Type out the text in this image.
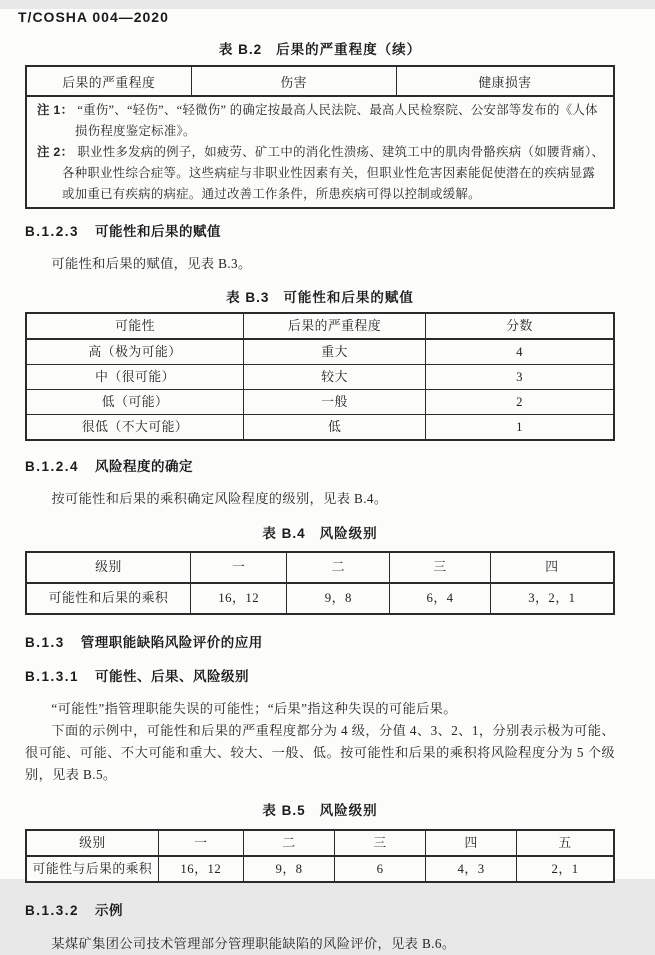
T/COSHA 004—2020
表 B.2 后果的严重程度（续）
后果的严重程度	伤害	健康损害

注 1： “重伤”、“轻伤”、“轻微伤” 的确定按最高人民法院、最高人民检察院、公安部等发布的《人体损伤程度鉴定标准》。
注 2： 职业性多发病的例子，如疲劳、矿工中的消化性溃疡、建筑工中的肌肉骨骼疾病（如腰背痛）、各种职业性综合症等。这些病症与非职业性因素有关，但职业性危害因素能促使潜在的疾病显露或加重已有疾病的病症。通过改善工作条件，所患疾病可得以控制或缓解。
B.1.2.3 可能性和后果的赋值

可能性和后果的赋值，见表 B.3。

表 B.3 可能性和后果的赋值
可能性	后果的严重程度	分数
高（极为可能）	重大	4
中（很可能）	较大	3
低（可能）	一般	2
很低（不大可能）	低	1
B.1.2.4 风险程度的确定

按可能性和后果的乘积确定风险程度的级别，见表 B.4。

表 B.4 风险级别
级别	一	二	三	四
可能性和后果的乘积	16，12	9，8	6，4	3，2，1
B.1.3 管理职能缺陷风险评价的应用
B.1.3.1 可能性、后果、风险级别

“可能性”指管理职能失误的可能性；“后果”指这种失误的可能后果。

下面的示例中，可能性和后果的严重程度都分为 4 级，分值 4、3、2、1，分别表示极为可能、很可能、可能、不大可能和重大、较大、一般、低。按可能性和后果的乘积将风险程度分为 5 个级别，见表 B.5。

表 B.5 风险级别
级别	一	二	三	四	五
可能性与后果的乘积	16，12	9，8	6	4，3	2，1
B.1.3.2 示例

某煤矿集团公司技术管理部分管理职能缺陷的风险评价，见表 B.6。
